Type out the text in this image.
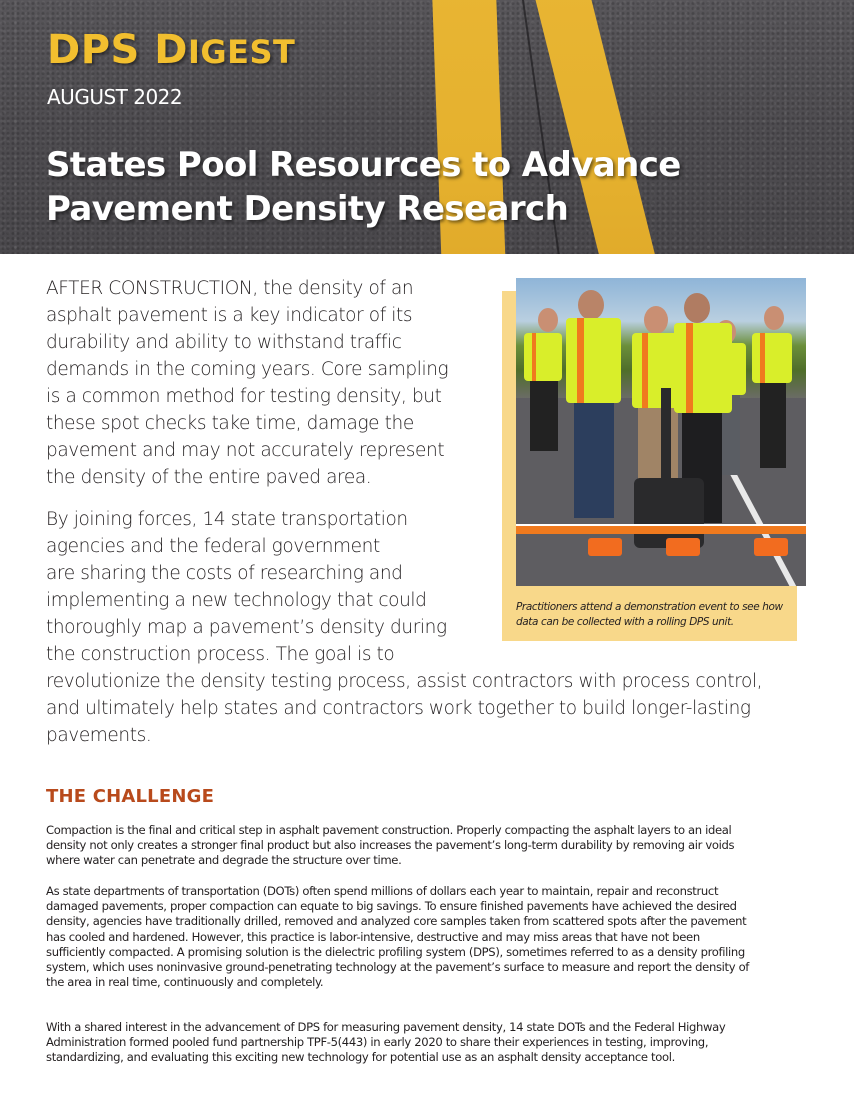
DPS DIGEST
AUGUST 2022
States Pool Resources to Advance
Pavement Density Research

AFTER CONSTRUCTION, the density of an
asphalt pavement is a key indicator of its
durability and ability to withstand traffic
demands in the coming years. Core sampling
is a common method for testing density, but
these spot checks take time, damage the
pavement and may not accurately represent
the density of the entire paved area.

By joining forces, 14 state transportation
agencies and the federal government
are sharing the costs of researching and
implementing a new technology that could
thoroughly map a pavement’s density during
the construction process. The goal is to
revolutionize the density testing process, assist contractors with process control,
and ultimately help states and contractors work together to build longer-lasting
pavements.

Practitioners attend a demonstration event to see how
data can be collected with a rolling DPS unit.
THE CHALLENGE

Compaction is the final and critical step in asphalt pavement construction. Properly compacting the asphalt layers to an ideal
density not only creates a stronger final product but also increases the pavement’s long-term durability by removing air voids
where water can penetrate and degrade the structure over time.

As state departments of transportation (DOTs) often spend millions of dollars each year to maintain, repair and reconstruct
damaged pavements, proper compaction can equate to big savings. To ensure finished pavements have achieved the desired
density, agencies have traditionally drilled, removed and analyzed core samples taken from scattered spots after the pavement
has cooled and hardened. However, this practice is labor-intensive, destructive and may miss areas that have not been
sufficiently compacted. A promising solution is the dielectric profiling system (DPS), sometimes referred to as a density profiling
system, which uses noninvasive ground-penetrating technology at the pavement’s surface to measure and report the density of
the area in real time, continuously and completely.

With a shared interest in the advancement of DPS for measuring pavement density, 14 state DOTs and the Federal Highway
Administration formed pooled fund partnership TPF-5(443) in early 2020 to share their experiences in testing, improving,
standardizing, and evaluating this exciting new technology for potential use as an asphalt density acceptance tool.
